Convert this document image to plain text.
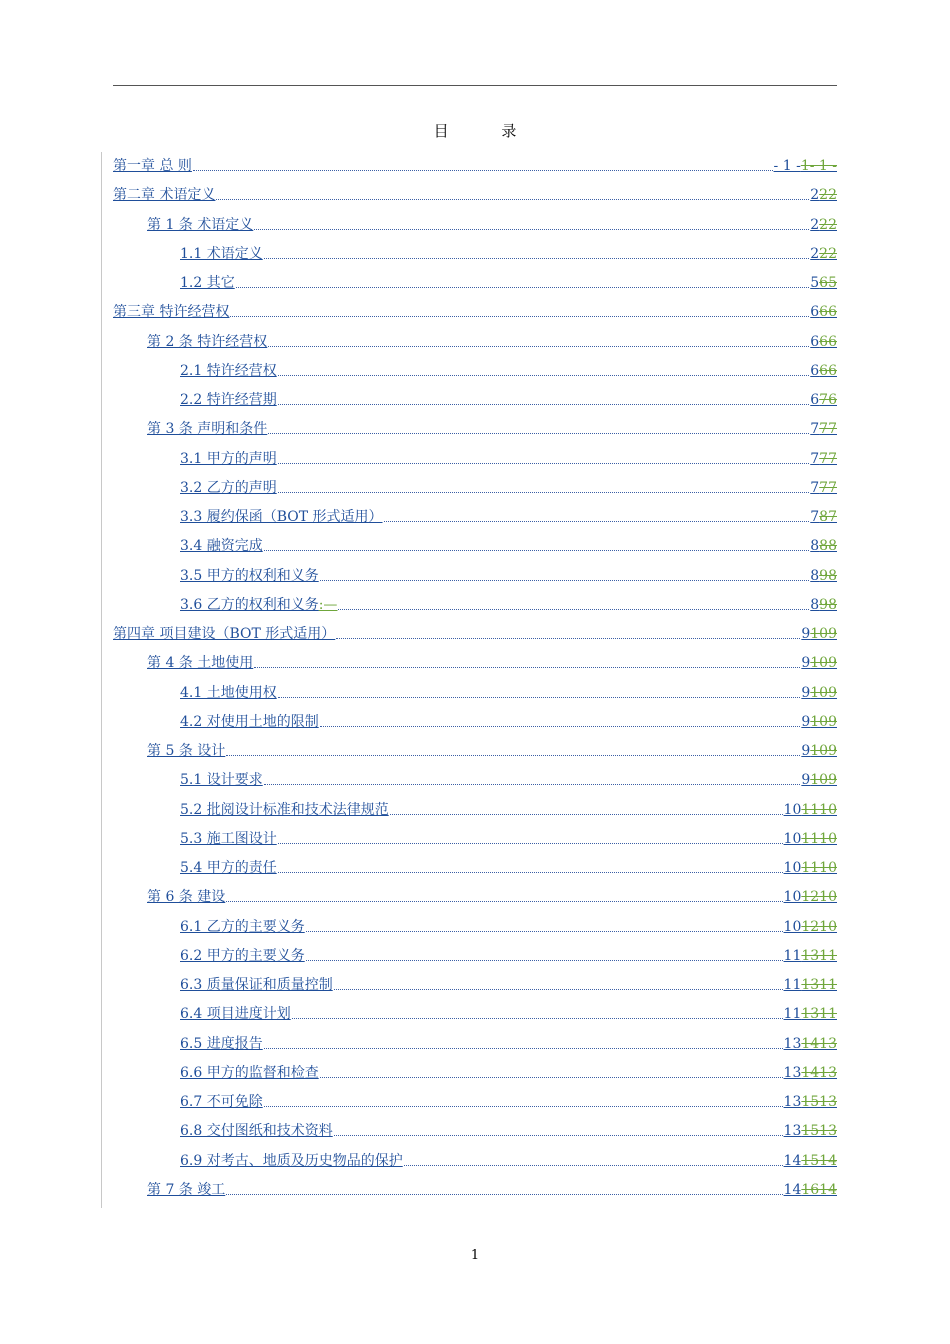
目 录
第一章 总 则	- 1 - 1- 1 -
第二章 术语定义	2 22
第 1 条 术语定义	2 22
1.1 术语定义	2 22
1.2 其它	5 65
第三章 特许经营权	6 66
第 2 条 特许经营权	6 66
2.1 特许经营权	6 66
2.2 特许经营期	6 76
第 3 条 声明和条件	7 77
3.1 甲方的声明	7 77
3.2 乙方的声明	7 77
3.3 履约保函（BOT 形式适用）	7 87
3.4 融资完成	8 88
3.5 甲方的权利和义务	8 98
3.6 乙方的权利和义务 :—	8 98
第四章 项目建设（BOT 形式适用）	9 109
第 4 条 土地使用	9 109
4.1 土地使用权	9 109
4.2 对使用土地的限制	9 109
第 5 条 设计	9 109
5.1 设计要求	9 109
5.2 批阅设计标准和技术法律规范	10 1110
5.3 施工图设计	10 1110
5.4 甲方的责任	10 1110
第 6 条 建设	10 1210
6.1 乙方的主要义务	10 1210
6.2 甲方的主要义务	11 1311
6.3 质量保证和质量控制	11 1311
6.4 项目进度计划	11 1311
6.5 进度报告	13 1413
6.6 甲方的监督和检查	13 1413
6.7 不可免除	13 1513
6.8 交付图纸和技术资料	13 1513
6.9 对考古、地质及历史物品的保护	14 1514
第 7 条 竣工	14 1614
1
